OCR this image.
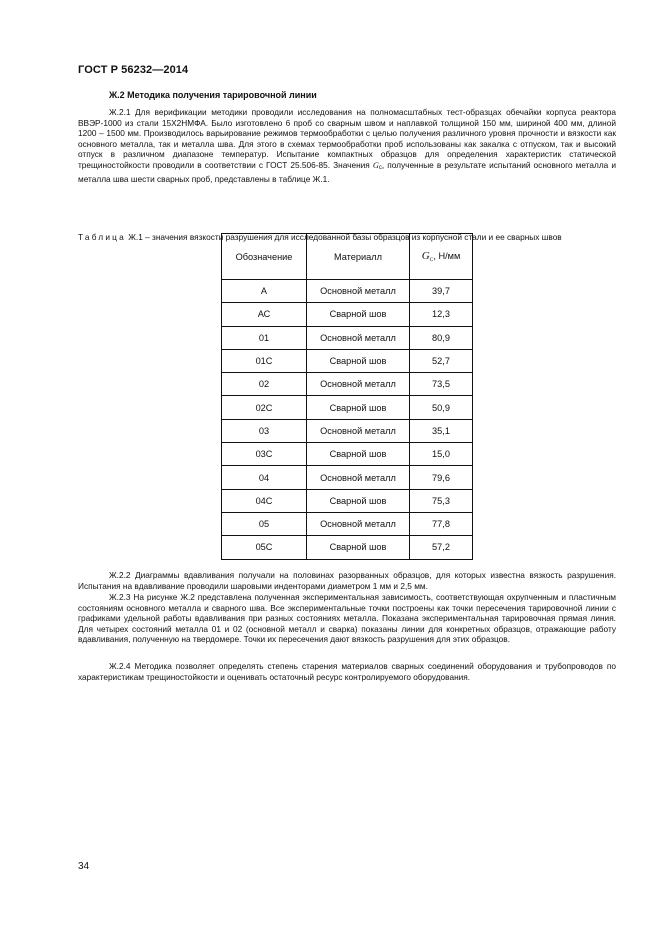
ГОСТ Р 56232—2014
Ж.2 Методика получения тарировочной линии
Ж.2.1 Для верификации методики проводили исследования на полномасштабных тест-образцах обечайки корпуса реактора ВВЭР-1000 из стали 15Х2НМФА. Было изготовлено 6 проб со сварным швом и наплавкой толщиной 150 мм, шириной 400 мм, длиной 1200 – 1500 мм. Производилось варьирование режимов термообработки с целью получения различного уровня прочности и вязкости как основного металла, так и металла шва. Для этого в схемах термообработки проб использованы как закалка с отпуском, так и высокий отпуск в различном диапазоне температур. Испытание компактных образцов для определения характеристик статической трещиностойкости проводили в соответствии с ГОСТ 25.506-85. Значения Gc, полученные в результате испытаний основного металла и металла шва шести сварных проб, представлены в таблице Ж.1.
Таблица Ж.1 – значения вязкости разрушения для исследованной базы образцов из корпусной стали и ее сварных швов
Обозначение	Материалл	$G_C$, Н/мм
А	Основной металл	39,7
АС	Сварной шов	12,3
01	Основной металл	80,9
01С	Сварной шов	52,7
02	Основной металл	73,5
02С	Сварной шов	50,9
03	Основной металл	35,1
03С	Сварной шов	15,0
04	Основной металл	79,6
04С	Сварной шов	75,3
05	Основной металл	77,8
05С	Сварной шов	57,2
Ж.2.2 Диаграммы вдавливания получали на половинах разорванных образцов, для которых известна вязкость разрушения. Испытания на вдавливание проводили шаровыми инденторами диаметром 1 мм и 2,5 мм.
Ж.2.3 На рисунке Ж.2 представлена полученная экспериментальная зависимость, соответствующая охрупченным и пластичным состояниям основного металла и сварного шва. Все экспериментальные точки построены как точки пересечения тарировочной линии с графиками удельной работы вдавливания при разных состояниях металла. Показана экспериментальная тарировочная прямая линия. Для четырех состояний металла 01 и 02 (основной металл и сварка) показаны линии для конкретных образцов, отражающие работу вдавливания, полученную на твердомере. Точки их пересечения дают вязкость разрушения для этих образцов.
Ж.2.4 Методика позволяет определять степень старения материалов сварных соединений оборудования и трубопроводов по характеристикам трещиностойкости и оценивать остаточный ресурс контролируемого оборудования.
34
